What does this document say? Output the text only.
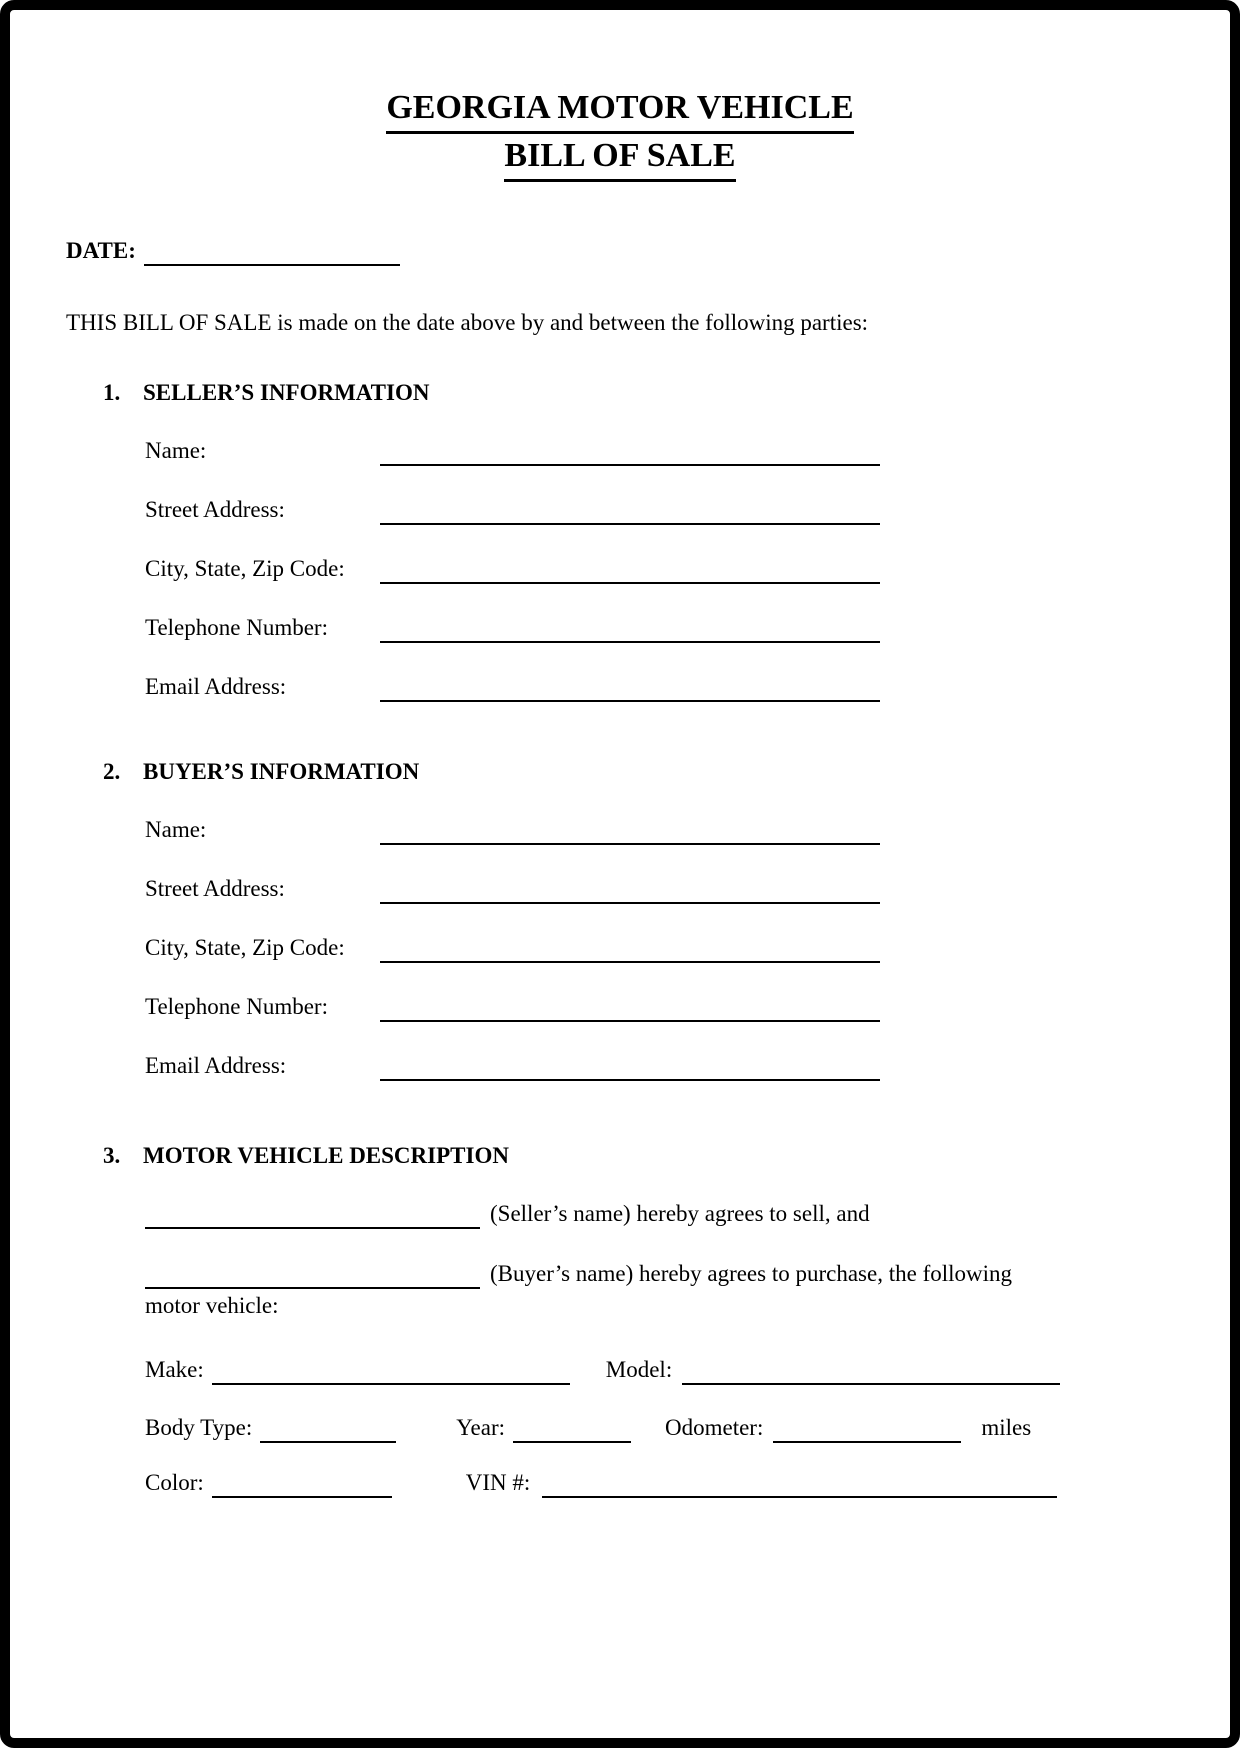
GEORGIA MOTOR VEHICLE
BILL OF SALE
DATE:
THIS BILL OF SALE is made on the date above by and between the following parties:
1. SELLER’S INFORMATION
Name:
Street Address:
City, State, Zip Code:
Telephone Number:
Email Address:
2. BUYER’S INFORMATION
Name:
Street Address:
City, State, Zip Code:
Telephone Number:
Email Address:
3. MOTOR VEHICLE DESCRIPTION
(Seller’s name) hereby agrees to sell, and
(Buyer’s name) hereby agrees to purchase, the following
motor vehicle:
Make:	Model:
Body Type:	Year:	Odometer:	miles
Color:	VIN #:
